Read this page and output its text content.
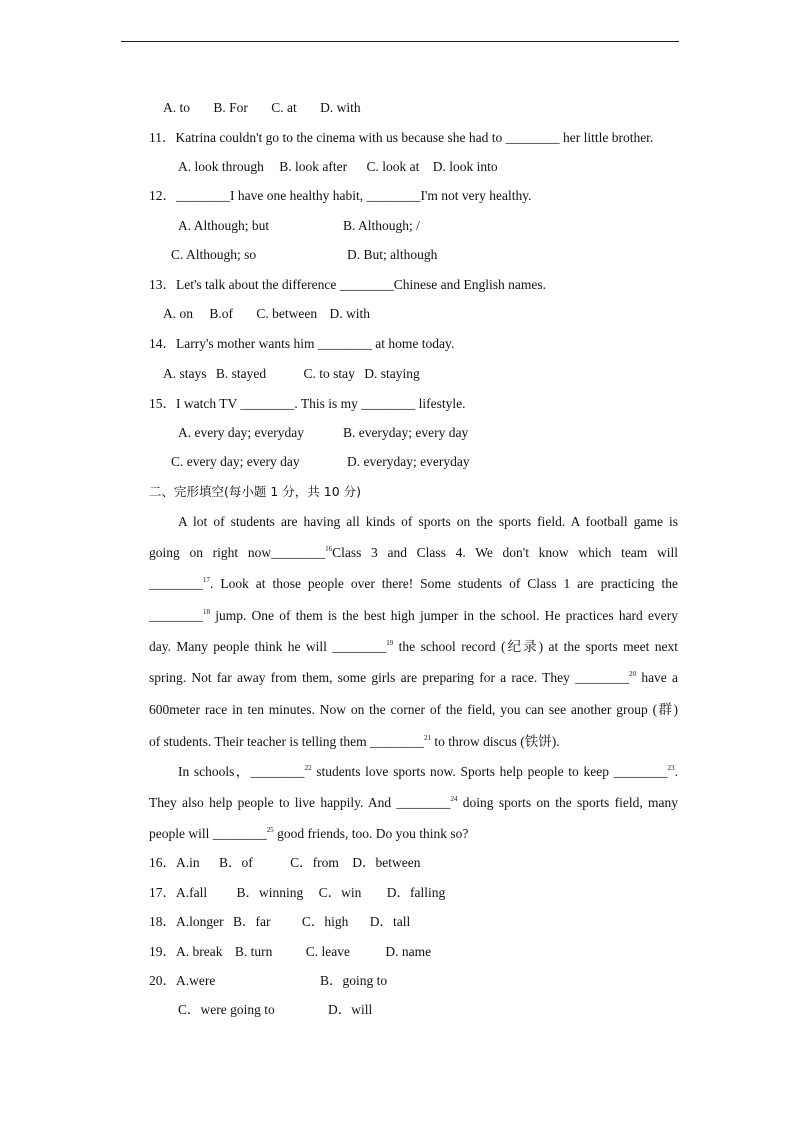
A. to B. For C. at D. with
11．Katrina couldn't go to the cinema with us because she had to ________ her little brother.
A. look through B. look after C. look at D. look into
12．________I have one healthy habit, ________I'm not very healthy.
A. Although; but	B. Although; /
C. Although; so	D. But; although
13．Let's talk about the difference ________Chinese and English names.
A. on B.of C. between D. with
14．Larry's mother wants him ________ at home today.
A. stays B. stayed	C. to stay D. staying
15．I watch TV ________. This is my ________ lifestyle.
A. every day; everyday	B. everyday; every day
C. every day; every day	D. everyday; everyday
二、完形填空(每小题 1 分，共 10 分)
A lot of students are having all kinds of sports on the sports field. A football game is
going on right now________$^{16}$Class 3 and Class 4. We don't know which team will
________$^{17}$. Look at those people over there! Some students of Class 1 are practicing the
________$^{18}$ jump. One of them is the best high jumper in the school. He practices hard every
day. Many people think he will ________$^{19}$ the school record (纪录) at the sports meet next
spring. Not far away from them, some girls are preparing for a race. They ________$^{20}$ have a
600meter race in ten minutes. Now on the corner of the field, you can see another group (群)
of students. Their teacher is telling them ________$^{21}$ to throw discus (铁饼).
In schools，________$^{22}$ students love sports now. Sports help people to keep ________$^{23}$.
They also help people to live happily. And ________$^{24}$ doing sports on the sports field, many
people will ________$^{25}$ good friends, too. Do you think so?
16．A.in B．of	C．from D．between
17．A.fall B．winning C．win D．falling
18．A.longer B．far C．high D．tall
19．A. break B. turn C. leave	D. name
20．A.were	B．going to
C．were going to	D．will
